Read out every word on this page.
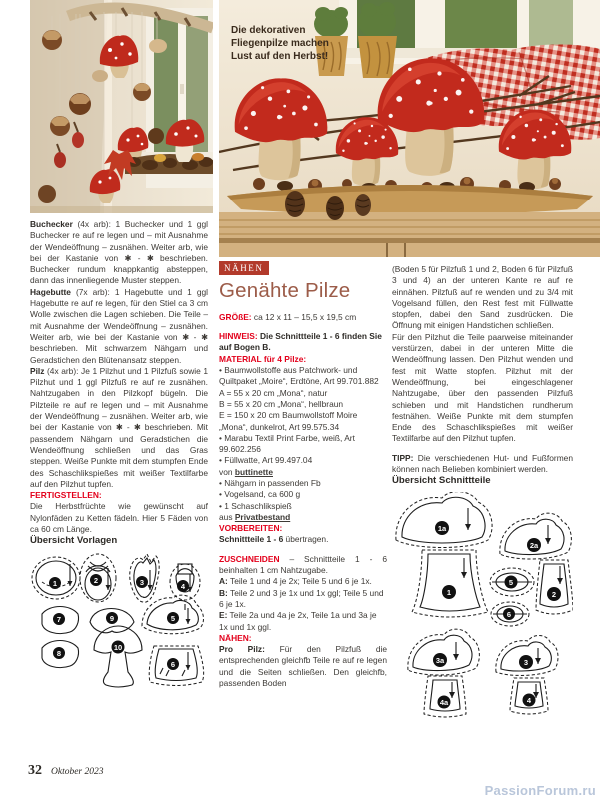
Die dekorativen Fliegenpilze machen Lust auf den Herbst!

Buchecker (4x arb): 1 Buchecker und 1 ggl Buchecker re auf re legen und – mit Ausnahme der Wendeöffnung – zusnähen. Weiter arb, wie bei der Kastanie von ✱ - ✱ beschrieben. Buchecker rundum knappkantig absteppen, dann das innenliegende Muster steppen.

Hagebutte (7x arb): 1 Hagebutte und 1 ggl Hagebutte re auf re legen, für den Stiel ca 3 cm Wolle zwischen die Lagen schieben. Die Teile – mit Ausnahme der Wendeöffnung – zusnähen. Weiter arb, wie bei der Kastanie von ✱ - ✱ beschrieben. Mit schwarzem Nähgarn und Geradstichen den Blütenansatz steppen.

Pilz (4x arb): Je 1 Pilzhut und 1 Pilzfuß sowie 1 Pilzhut und 1 ggl Pilzfuß re auf re zusnähen. Nahtzugaben in den Pilzkopf bügeln. Die Pilzteile re auf re legen und – mit Ausnahme der Wendeöffnung – zusnähen. Weiter arb, wie bei der Kastanie von ✱ - ✱ beschrieben. Mit passendem Nähgarn und Geradstichen die Wendeöffnung schließen und das Gras steppen. Weiße Punkte mit dem stumpfen Ende des Schaschlikspießes mit weißer Textilfarbe auf den Pilzhut tupfen.

FERTIGSTELLEN:

Die Herbstfrüchte wie gewünscht auf Nylonfäden zu Ketten fädeln. Hier 5 Fäden von ca 60 cm Länge.

Übersicht Vorlagen

1	2	3	4
7	9	5
8
10
6
NÄHEN
Genähte Pilze

GRÖßE: ca 12 x 11 – 15,5 x 19,5 cm

HINWEIS: Die Schnittteile 1 - 6 finden Sie auf Bogen B.

MATERIAL für 4 Pilze:

• Baumwollstoffe aus Patchwork- und Quiltpaket „Moire“, Erdtöne, Art 99.701.882

A = 55 x 20 cm „Mona“, natur

B = 55 x 20 cm „Mona“, hellbraun

E = 150 x 20 cm Baumwollstoff Moire „Mona“, dunkelrot, Art 99.575.34

• Marabu Textil Print Farbe, weiß, Art 99.602.256

• Füllwatte, Art 99.497.04

von buttinette

• Nähgarn in passenden Fb

• Vogelsand, ca 600 g

• 1 Schaschlikspieß

aus Privatbestand

VORBEREITEN:

Schnittteile 1 - 6 übertragen.

ZUSCHNEIDEN – Schnittteile 1 - 6 beinhalten 1 cm Nahtzugabe.

A: Teile 1 und 4 je 2x; Teile 5 und 6 je 1x.

B: Teile 2 und 3 je 1x und 1x ggl; Teile 5 und 6 je 1x.

E: Teile 2a und 4a je 2x, Teile 1a und 3a je 1x und 1x ggl.

NÄHEN:

Pro Pilz: Für den Pilzfuß die entsprechenden gleichfb Teile re auf re legen und die Seiten schließen. Den gleichfb, passenden Boden

(Boden 5 für Pilzfuß 1 und 2, Boden 6 für Pilzfuß 3 und 4) an der unteren Kante re auf re einnähen. Pilzfuß auf re wenden und zu 3/4 mit Vogelsand füllen, den Rest fest mit Füllwatte stopfen, dabei den Sand zusdrücken. Die Öffnung mit einigen Handstichen schließen.

Für den Pilzhut die Teile paarweise miteinander verstürzen, dabei in der unteren Mitte die Wendeöffnung lassen. Den Pilzhut wenden und fest mit Watte stopfen. Pilzhut mit der Wendeöffnung, bei eingeschlagener Nahtzugabe, über den passenden Pilzfuß schieben und mit Handstichen rundherum festnähen. Weiße Punkte mit dem stumpfen Ende des Schaschlikspießes mit weißer Textilfarbe auf den Pilzhut tupfen.

TIPP: Die verschiedenen Hut- und Fußformen können nach Belieben kombiniert werden.

Übersicht Schnittteile

1a
2a
1
5
6
2
3a
4a
3
4
32 Oktober 2023
PassionForum.ru
